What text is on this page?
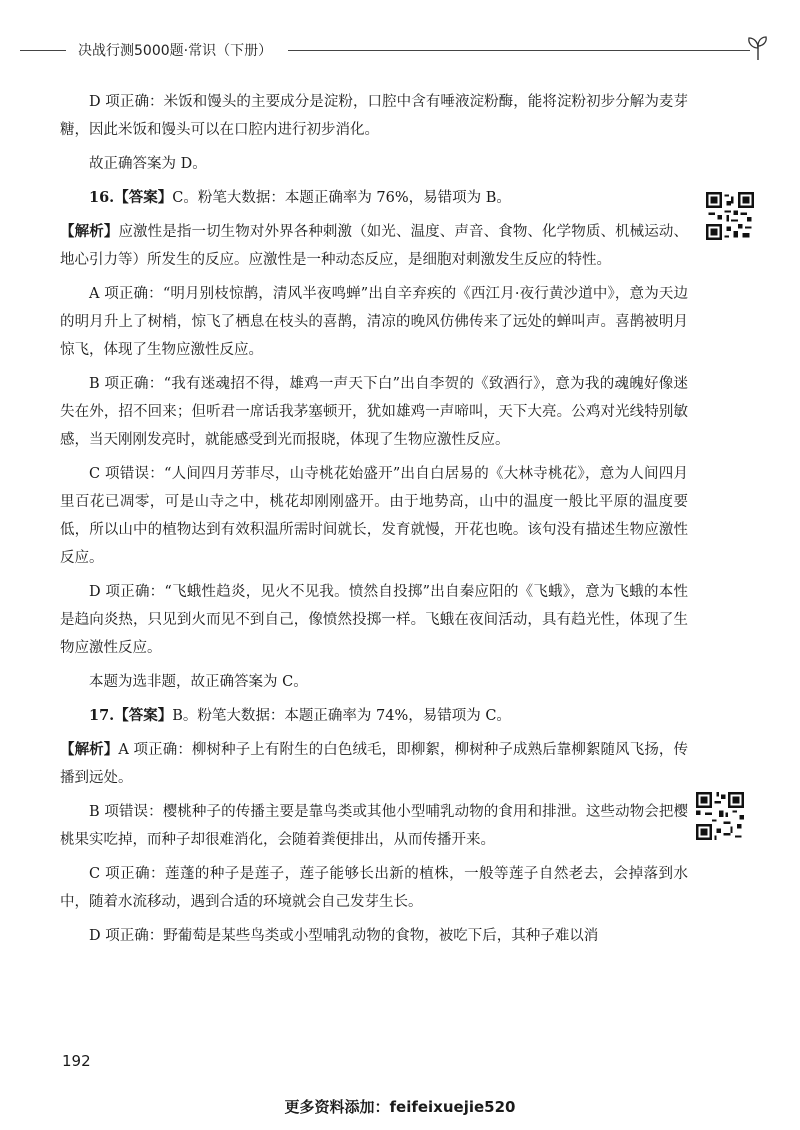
决战行测5000题·常识（下册）

D 项正确：米饭和馒头的主要成分是淀粉，口腔中含有唾液淀粉酶，能将淀粉初步分解为麦芽糖，因此米饭和馒头可以在口腔内进行初步消化。

故正确答案为 D。

16.【答案】C。粉笔大数据：本题正确率为 76%，易错项为 B。

【解析】应激性是指一切生物对外界各种刺激（如光、温度、声音、食物、化学物质、机械运动、地心引力等）所发生的反应。应激性是一种动态反应，是细胞对刺激发生反应的特性。

A 项正确：“明月别枝惊鹊，清风半夜鸣蝉”出自辛弃疾的《西江月·夜行黄沙道中》，意为天边的明月升上了树梢，惊飞了栖息在枝头的喜鹊，清凉的晚风仿佛传来了远处的蝉叫声。喜鹊被明月惊飞，体现了生物应激性反应。

B 项正确：“我有迷魂招不得，雄鸡一声天下白”出自李贺的《致酒行》，意为我的魂魄好像迷失在外，招不回来；但听君一席话我茅塞顿开，犹如雄鸡一声啼叫，天下大亮。公鸡对光线特别敏感，当天刚刚发亮时，就能感受到光而报晓，体现了生物应激性反应。

C 项错误：“人间四月芳菲尽，山寺桃花始盛开”出自白居易的《大林寺桃花》，意为人间四月里百花已凋零，可是山寺之中，桃花却刚刚盛开。由于地势高，山中的温度一般比平原的温度要低，所以山中的植物达到有效积温所需时间就长，发育就慢，开花也晚。该句没有描述生物应激性反应。

D 项正确：“飞蛾性趋炎，见火不见我。愤然自投掷”出自秦应阳的《飞蛾》，意为飞蛾的本性是趋向炎热，只见到火而见不到自己，像愤然投掷一样。飞蛾在夜间活动，具有趋光性，体现了生物应激性反应。

本题为选非题，故正确答案为 C。

17.【答案】B。粉笔大数据：本题正确率为 74%，易错项为 C。

【解析】A 项正确：柳树种子上有附生的白色绒毛，即柳絮，柳树种子成熟后靠柳絮随风飞扬，传播到远处。

B 项错误：樱桃种子的传播主要是靠鸟类或其他小型哺乳动物的食用和排泄。这些动物会把樱桃果实吃掉，而种子却很难消化，会随着粪便排出，从而传播开来。

C 项正确：莲蓬的种子是莲子，莲子能够长出新的植株，一般等莲子自然老去，会掉落到水中，随着水流移动，遇到合适的环境就会自己发芽生长。

D 项正确：野葡萄是某些鸟类或小型哺乳动物的食物，被吃下后，其种子难以消

192
更多资料添加：feifeixuejie520
